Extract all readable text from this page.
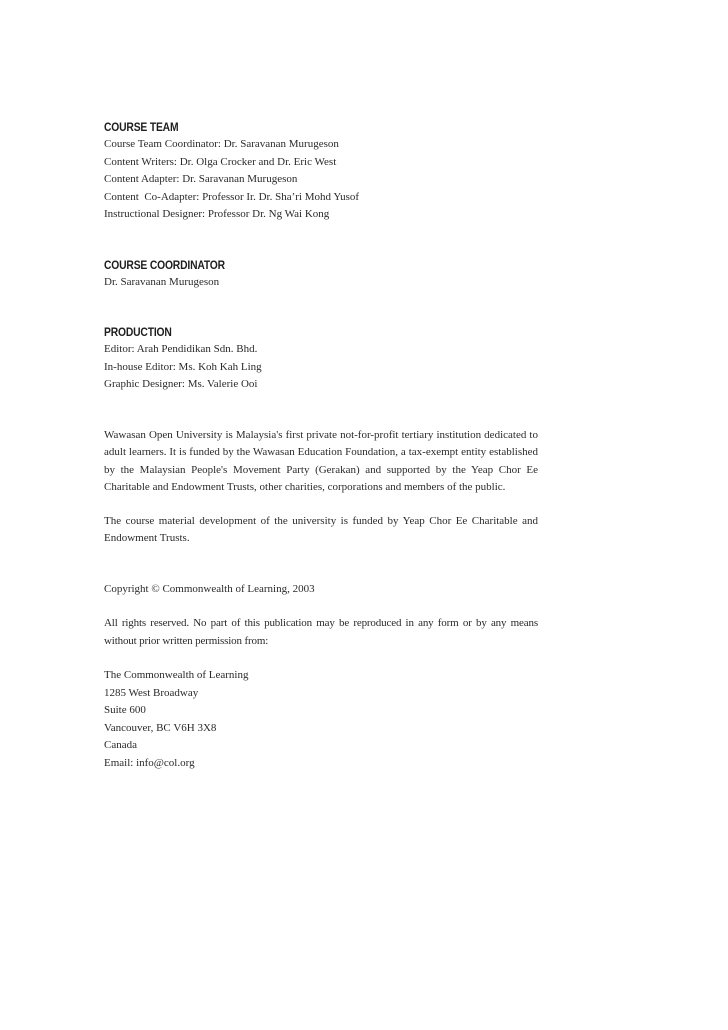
COURSE TEAM

Course Team Coordinator: Dr. Saravanan Murugeson

Content Writers: Dr. Olga Crocker and Dr. Eric West

Content Adapter: Dr. Saravanan Murugeson

Content  Co-Adapter: Professor Ir. Dr. Sha’ri Mohd Yusof

Instructional Designer: Professor Dr. Ng Wai Kong

COURSE COORDINATOR

Dr. Saravanan Murugeson

PRODUCTION

Editor: Arah Pendidikan Sdn. Bhd.

In-house Editor: Ms. Koh Kah Ling

Graphic Designer: Ms. Valerie Ooi

Wawasan Open University is Malaysia's first private not-for-profit tertiary institution dedicated to adult learners. It is funded by the Wawasan Education Foundation, a tax-exempt entity established by the Malaysian People's Movement Party (Gerakan) and supported by the Yeap Chor Ee Charitable and Endowment Trusts, other charities, corporations and members of the public.

The course material development of the university is funded by Yeap Chor Ee Charitable and Endowment Trusts.

Copyright © Commonwealth of Learning, 2003

All rights reserved. No part of this publication may be reproduced in any form or by any means without prior written permission from:

The Commonwealth of Learning

1285 West Broadway

Suite 600

Vancouver, BC V6H 3X8

Canada

Email: info@col.org
